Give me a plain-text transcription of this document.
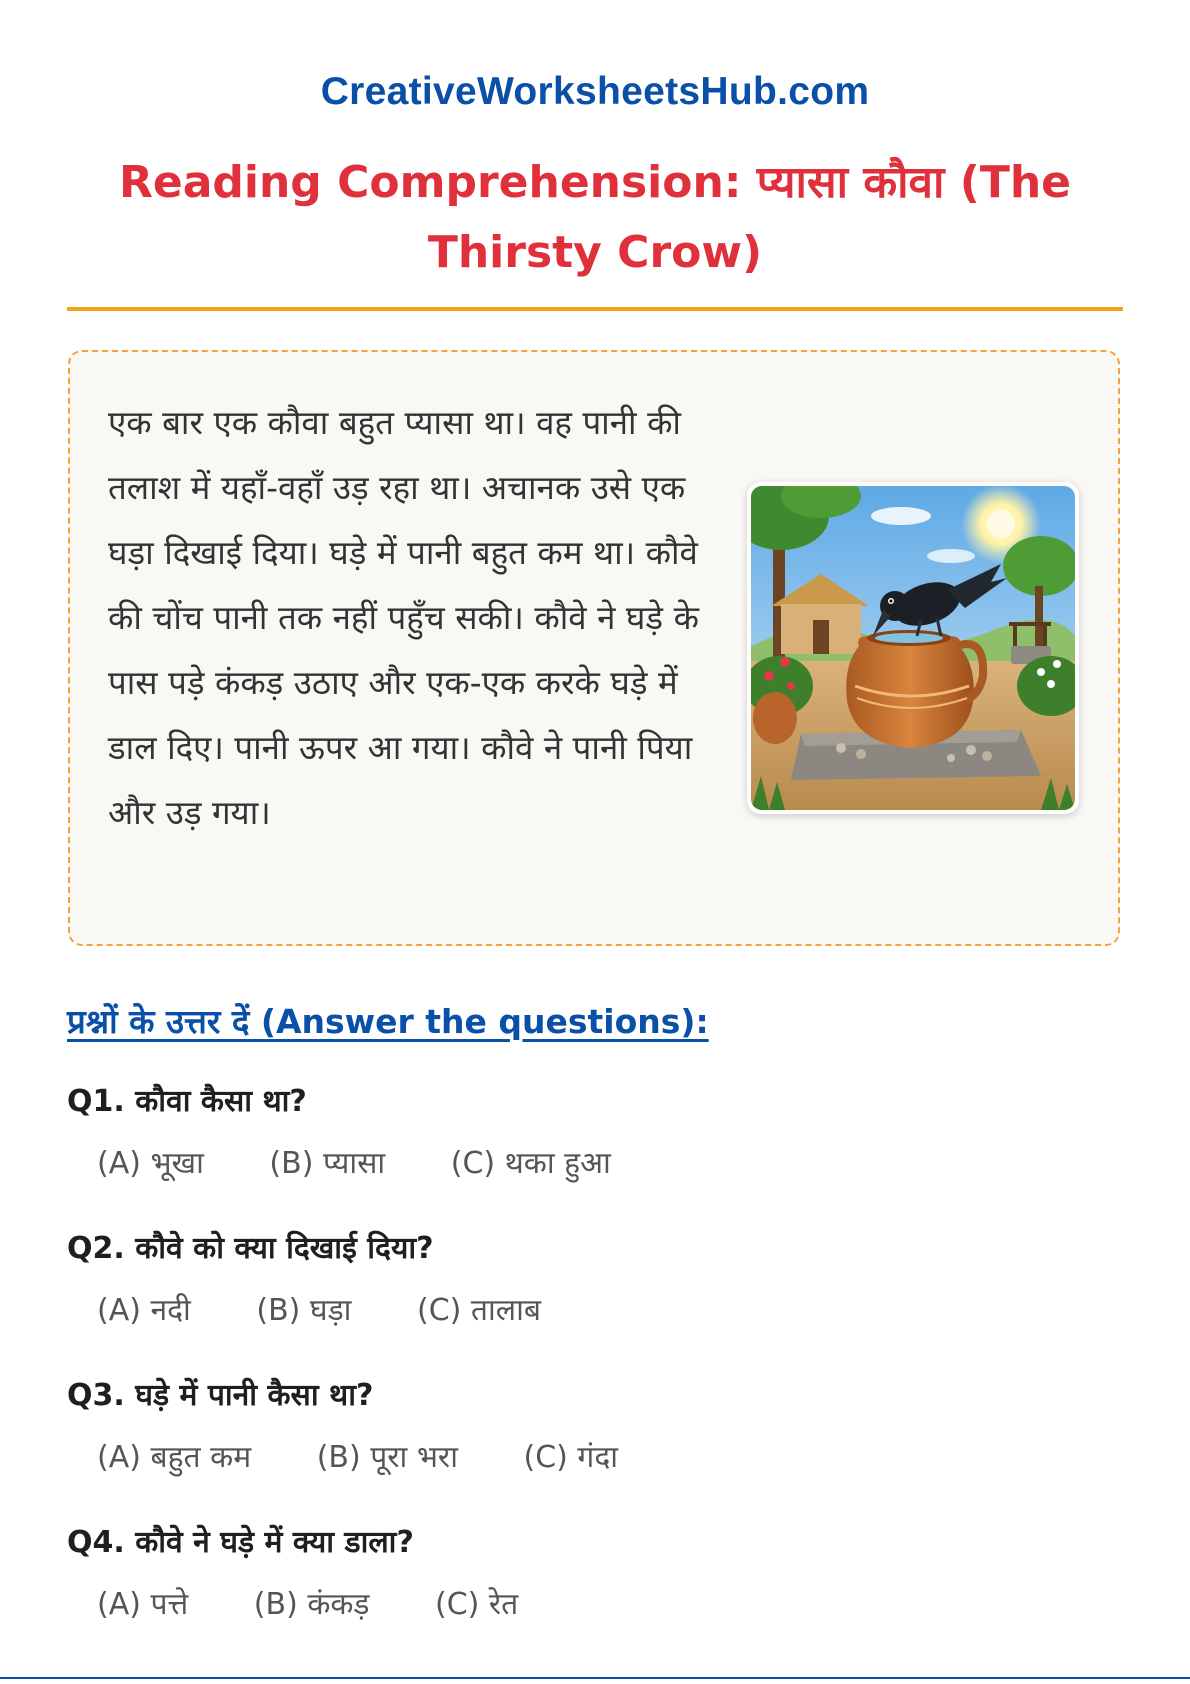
CreativeWorksheetsHub.com
Reading Comprehension: प्यासा कौवा (The Thirsty Crow)

एक बार एक कौवा बहुत प्यासा था। वह पानी की तलाश में यहाँ-वहाँ उड़ रहा था। अचानक उसे एक घड़ा दिखाई दिया। घड़े में पानी बहुत कम था। कौवे की चोंच पानी तक नहीं पहुँच सकी। कौवे ने घड़े के पास पड़े कंकड़ उठाए और एक-एक करके घड़े में डाल दिए। पानी ऊपर आ गया। कौवे ने पानी पिया और उड़ गया।

प्रश्नों के उत्तर दें (Answer the questions):

Q1. कौवा कैसा था?

(A) भूखा (B) प्यासा (C) थका हुआ

Q2. कौवे को क्या दिखाई दिया?

(A) नदी (B) घड़ा (C) तालाब

Q3. घड़े में पानी कैसा था?

(A) बहुत कम (B) पूरा भरा (C) गंदा

Q4. कौवे ने घड़े में क्या डाला?

(A) पत्ते (B) कंकड़ (C) रेत
